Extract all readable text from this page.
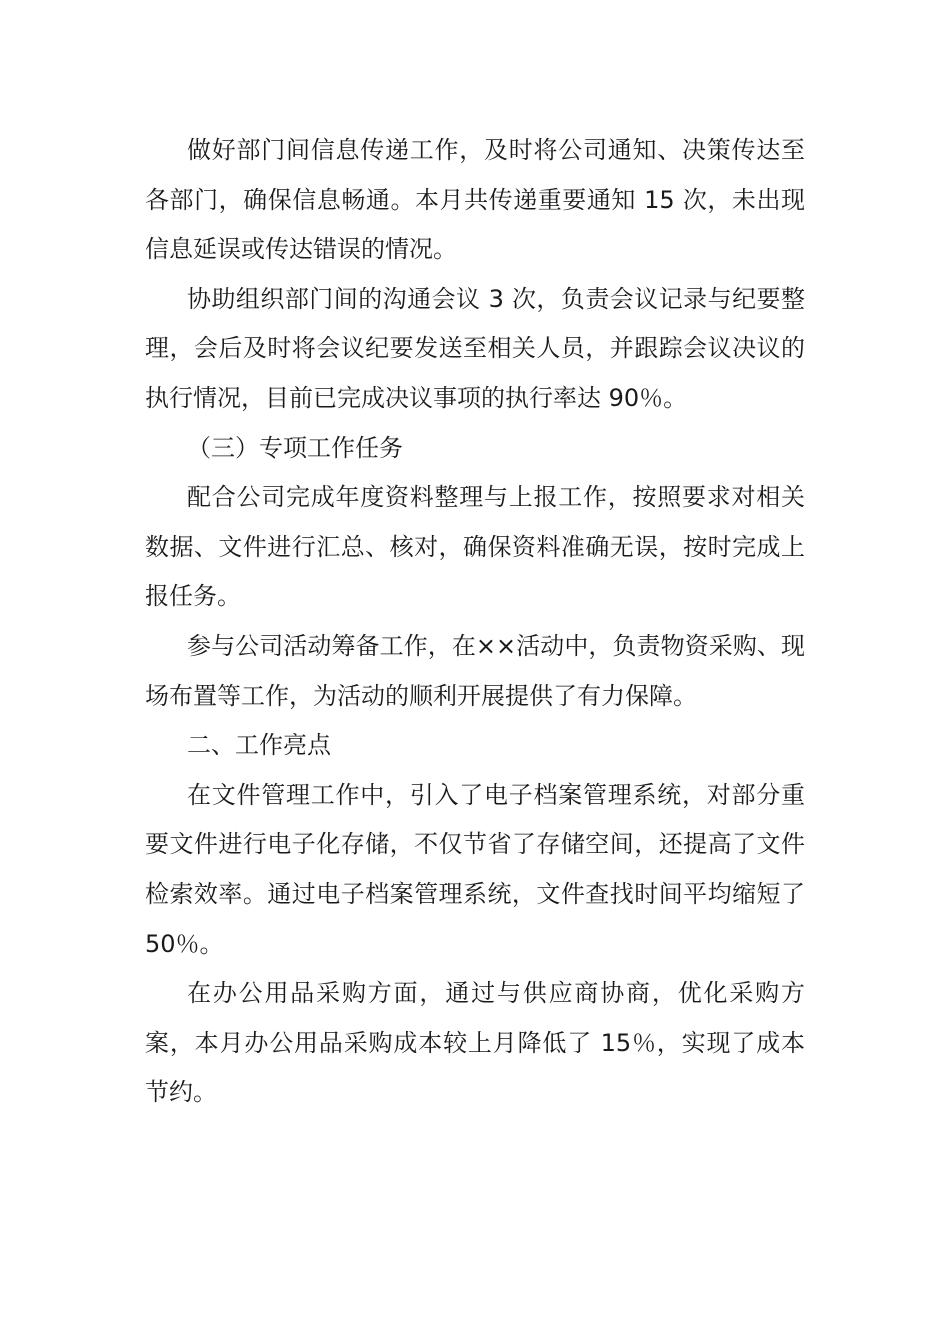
做好部门间信息传递工作，及时将公司通知、决策传达至各部门，确保信息畅通。本月共传递重要通知 15 次，未出现信息延误或传达错误的情况。

协助组织部门间的沟通会议 3 次，负责会议记录与纪要整理，会后及时将会议纪要发送至相关人员，并跟踪会议决议的执行情况，目前已完成决议事项的执行率达 90％。

（三）专项工作任务

配合公司完成年度资料整理与上报工作，按照要求对相关数据、文件进行汇总、核对，确保资料准确无误，按时完成上报任务。

参与公司活动筹备工作，在××活动中，负责物资采购、现场布置等工作，为活动的顺利开展提供了有力保障。

二、工作亮点

在文件管理工作中，引入了电子档案管理系统，对部分重要文件进行电子化存储，不仅节省了存储空间，还提高了文件检索效率。通过电子档案管理系统，文件查找时间平均缩短了 50％。

在办公用品采购方面，通过与供应商协商，优化采购方案，本月办公用品采购成本较上月降低了 15％，实现了成本节约。
